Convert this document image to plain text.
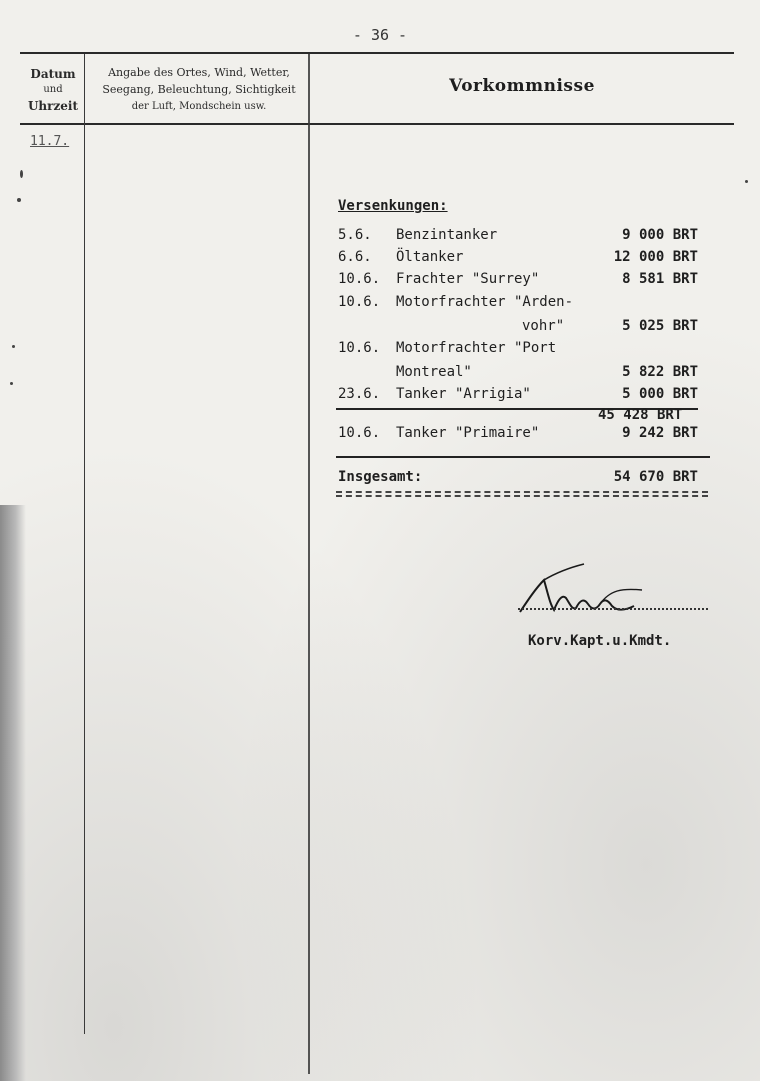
- 36 -
Datum
und
Uhrzeit
Angabe des Ortes, Wind, Wetter,
Seegang, Beleuchtung, Sichtigkeit
der Luft, Mondschein usw.
Vorkommnisse
11.7.
Versenkungen:
5.6. Benzintanker	9 000 BRT
6.6. Öltanker	12 000 BRT
10.6. Frachter "Surrey"	8 581 BRT
10.6. Motorfrachter "Arden-
vohr"	5 025 BRT
10.6. Motorfrachter "Port
Montreal"	5 822 BRT
23.6. Tanker "Arrigia"	5 000 BRT
45 428 BRT
10.6. Tanker "Primaire"	9 242 BRT
Insgesamt:	54 670 BRT
Korv.Kapt.u.Kmdt.
